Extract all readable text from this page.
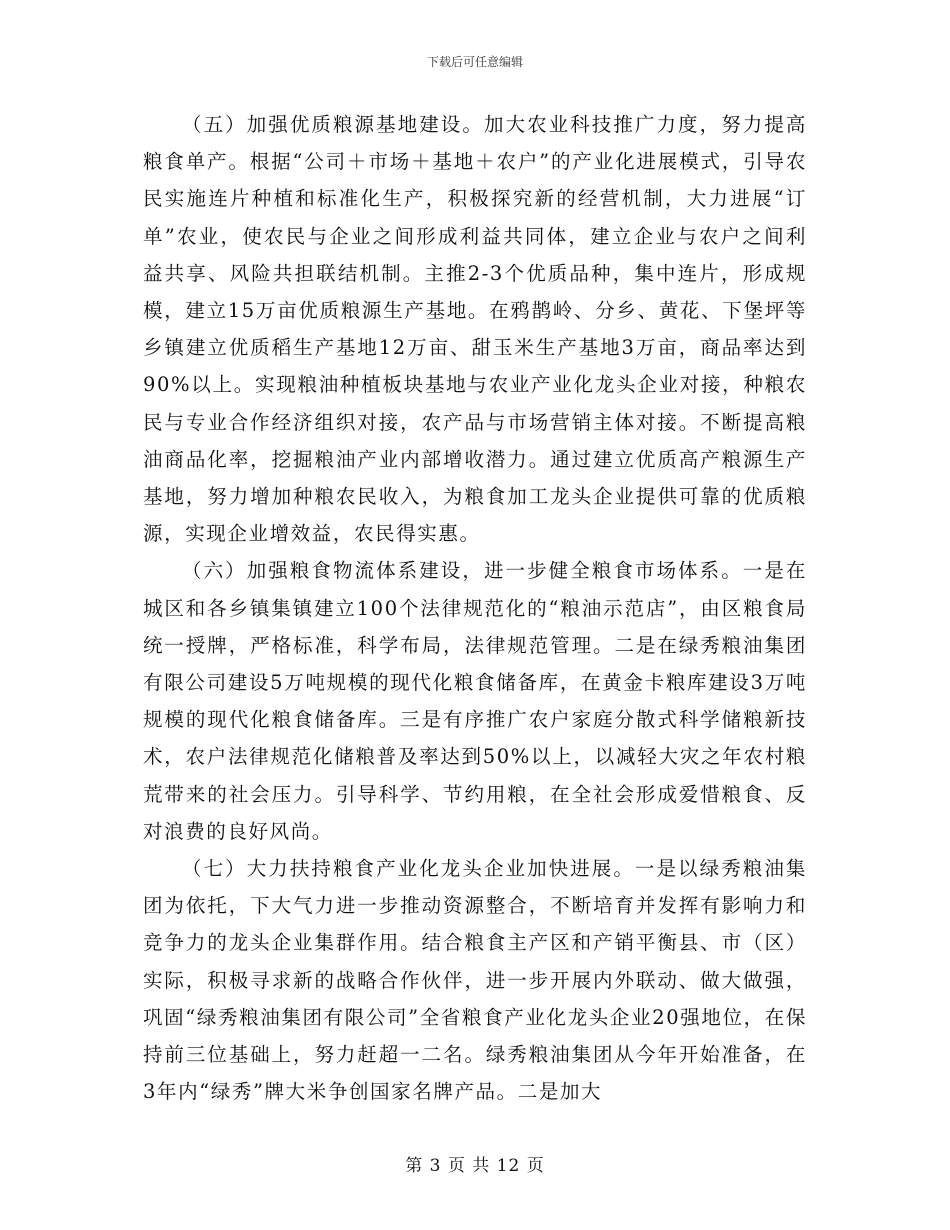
下载后可任意编辑

（五）加强优质粮源基地建设。加大农业科技推广力度，努力提高粮食单产。根据“公司＋市场＋基地＋农户”的产业化进展模式，引导农民实施连片种植和标准化生产，积极探究新的经营机制，大力进展“订单”农业，使农民与企业之间形成利益共同体，建立企业与农户之间利益共享、风险共担联结机制。主推2-3个优质品种，集中连片，形成规模，建立15万亩优质粮源生产基地。在鸦鹊岭、分乡、黄花、下堡坪等乡镇建立优质稻生产基地12万亩、甜玉米生产基地3万亩，商品率达到90%以上。实现粮油种植板块基地与农业产业化龙头企业对接，种粮农民与专业合作经济组织对接，农产品与市场营销主体对接。不断提高粮油商品化率，挖掘粮油产业内部增收潜力。通过建立优质高产粮源生产基地，努力增加种粮农民收入，为粮食加工龙头企业提供可靠的优质粮源，实现企业增效益，农民得实惠。

（六）加强粮食物流体系建设，进一步健全粮食市场体系。一是在城区和各乡镇集镇建立100个法律规范化的“粮油示范店”，由区粮食局统一授牌，严格标准，科学布局，法律规范管理。二是在绿秀粮油集团有限公司建设5万吨规模的现代化粮食储备库，在黄金卡粮库建设3万吨规模的现代化粮食储备库。三是有序推广农户家庭分散式科学储粮新技术，农户法律规范化储粮普及率达到50%以上，以减轻大灾之年农村粮荒带来的社会压力。引导科学、节约用粮，在全社会形成爱惜粮食、反对浪费的良好风尚。

（七）大力扶持粮食产业化龙头企业加快进展。一是以绿秀粮油集团为依托，下大气力进一步推动资源整合，不断培育并发挥有影响力和竞争力的龙头企业集群作用。结合粮食主产区和产销平衡县、市（区）实际，积极寻求新的战略合作伙伴，进一步开展内外联动、做大做强，巩固“绿秀粮油集团有限公司”全省粮食产业化龙头企业20强地位，在保持前三位基础上，努力赶超一二名。绿秀粮油集团从今年开始准备，在3年内“绿秀”牌大米争创国家名牌产品。二是加大

第 3 页 共 12 页
